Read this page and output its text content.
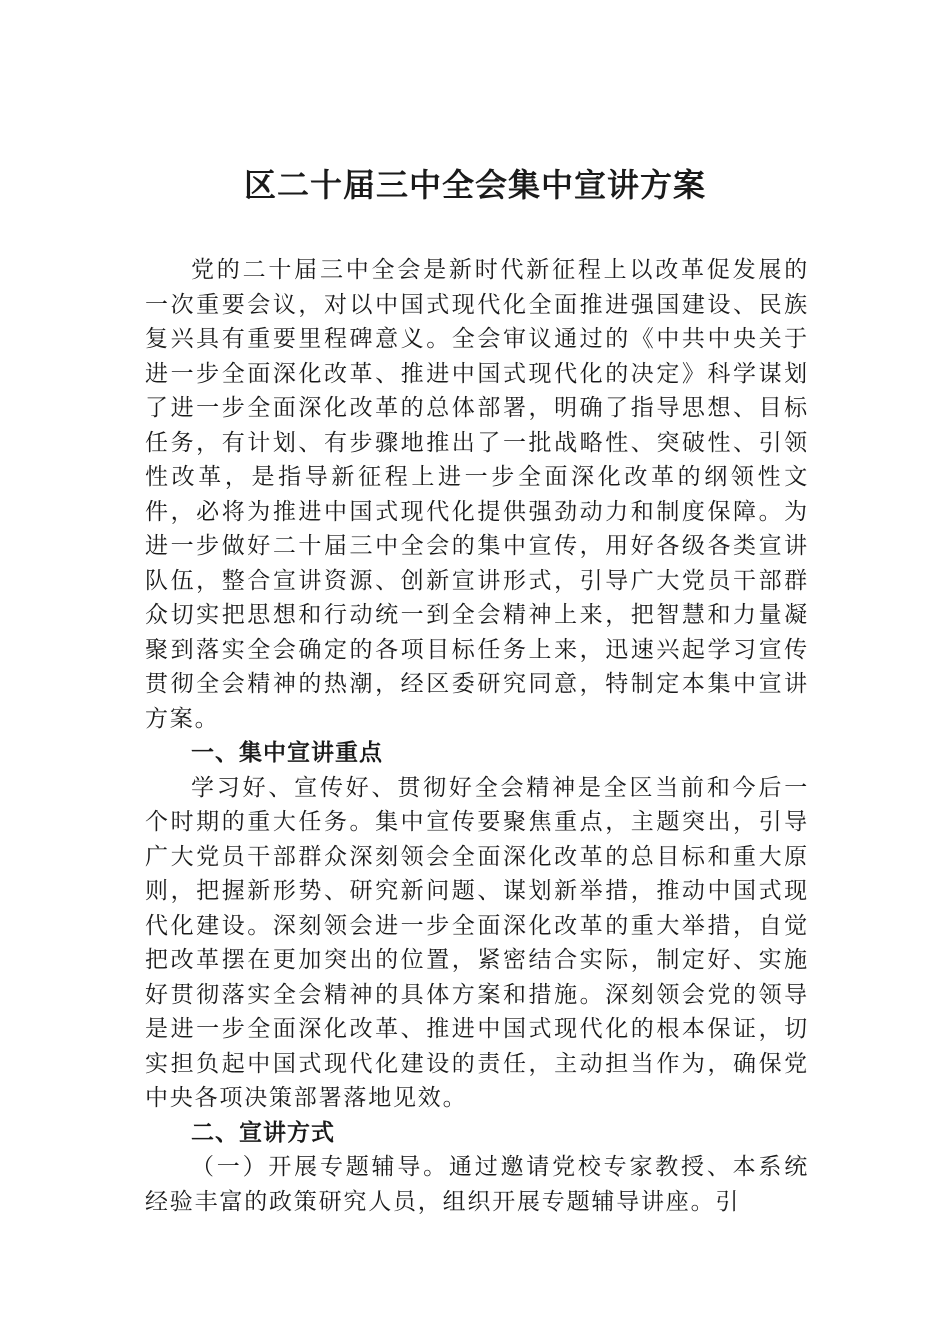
区二十届三中全会集中宣讲方案

党的二十届三中全会是新时代新征程上以改革促发展的一次重要会议，对以中国式现代化全面推进强国建设、民族复兴具有重要里程碑意义。全会审议通过的《中共中央关于进一步全面深化改革、推进中国式现代化的决定》科学谋划了进一步全面深化改革的总体部署，明确了指导思想、目标任务，有计划、有步骤地推出了一批战略性、突破性、引领性改革，是指导新征程上进一步全面深化改革的纲领性文件，必将为推进中国式现代化提供强劲动力和制度保障。为进一步做好二十届三中全会的集中宣传，用好各级各类宣讲队伍，整合宣讲资源、创新宣讲形式，引导广大党员干部群众切实把思想和行动统一到全会精神上来，把智慧和力量凝聚到落实全会确定的各项目标任务上来，迅速兴起学习宣传贯彻全会精神的热潮，经区委研究同意，特制定本集中宣讲方案。

一、集中宣讲重点

学习好、宣传好、贯彻好全会精神是全区当前和今后一个时期的重大任务。集中宣传要聚焦重点，主题突出，引导广大党员干部群众深刻领会全面深化改革的总目标和重大原则，把握新形势、研究新问题、谋划新举措，推动中国式现代化建设。深刻领会进一步全面深化改革的重大举措，自觉把改革摆在更加突出的位置，紧密结合实际，制定好、实施好贯彻落实全会精神的具体方案和措施。深刻领会党的领导是进一步全面深化改革、推进中国式现代化的根本保证，切实担负起中国式现代化建设的责任，主动担当作为，确保党中央各项决策部署落地见效。

二、宣讲方式

（一）开展专题辅导。通过邀请党校专家教授、本系统经验丰富的政策研究人员，组织开展专题辅导讲座。引
